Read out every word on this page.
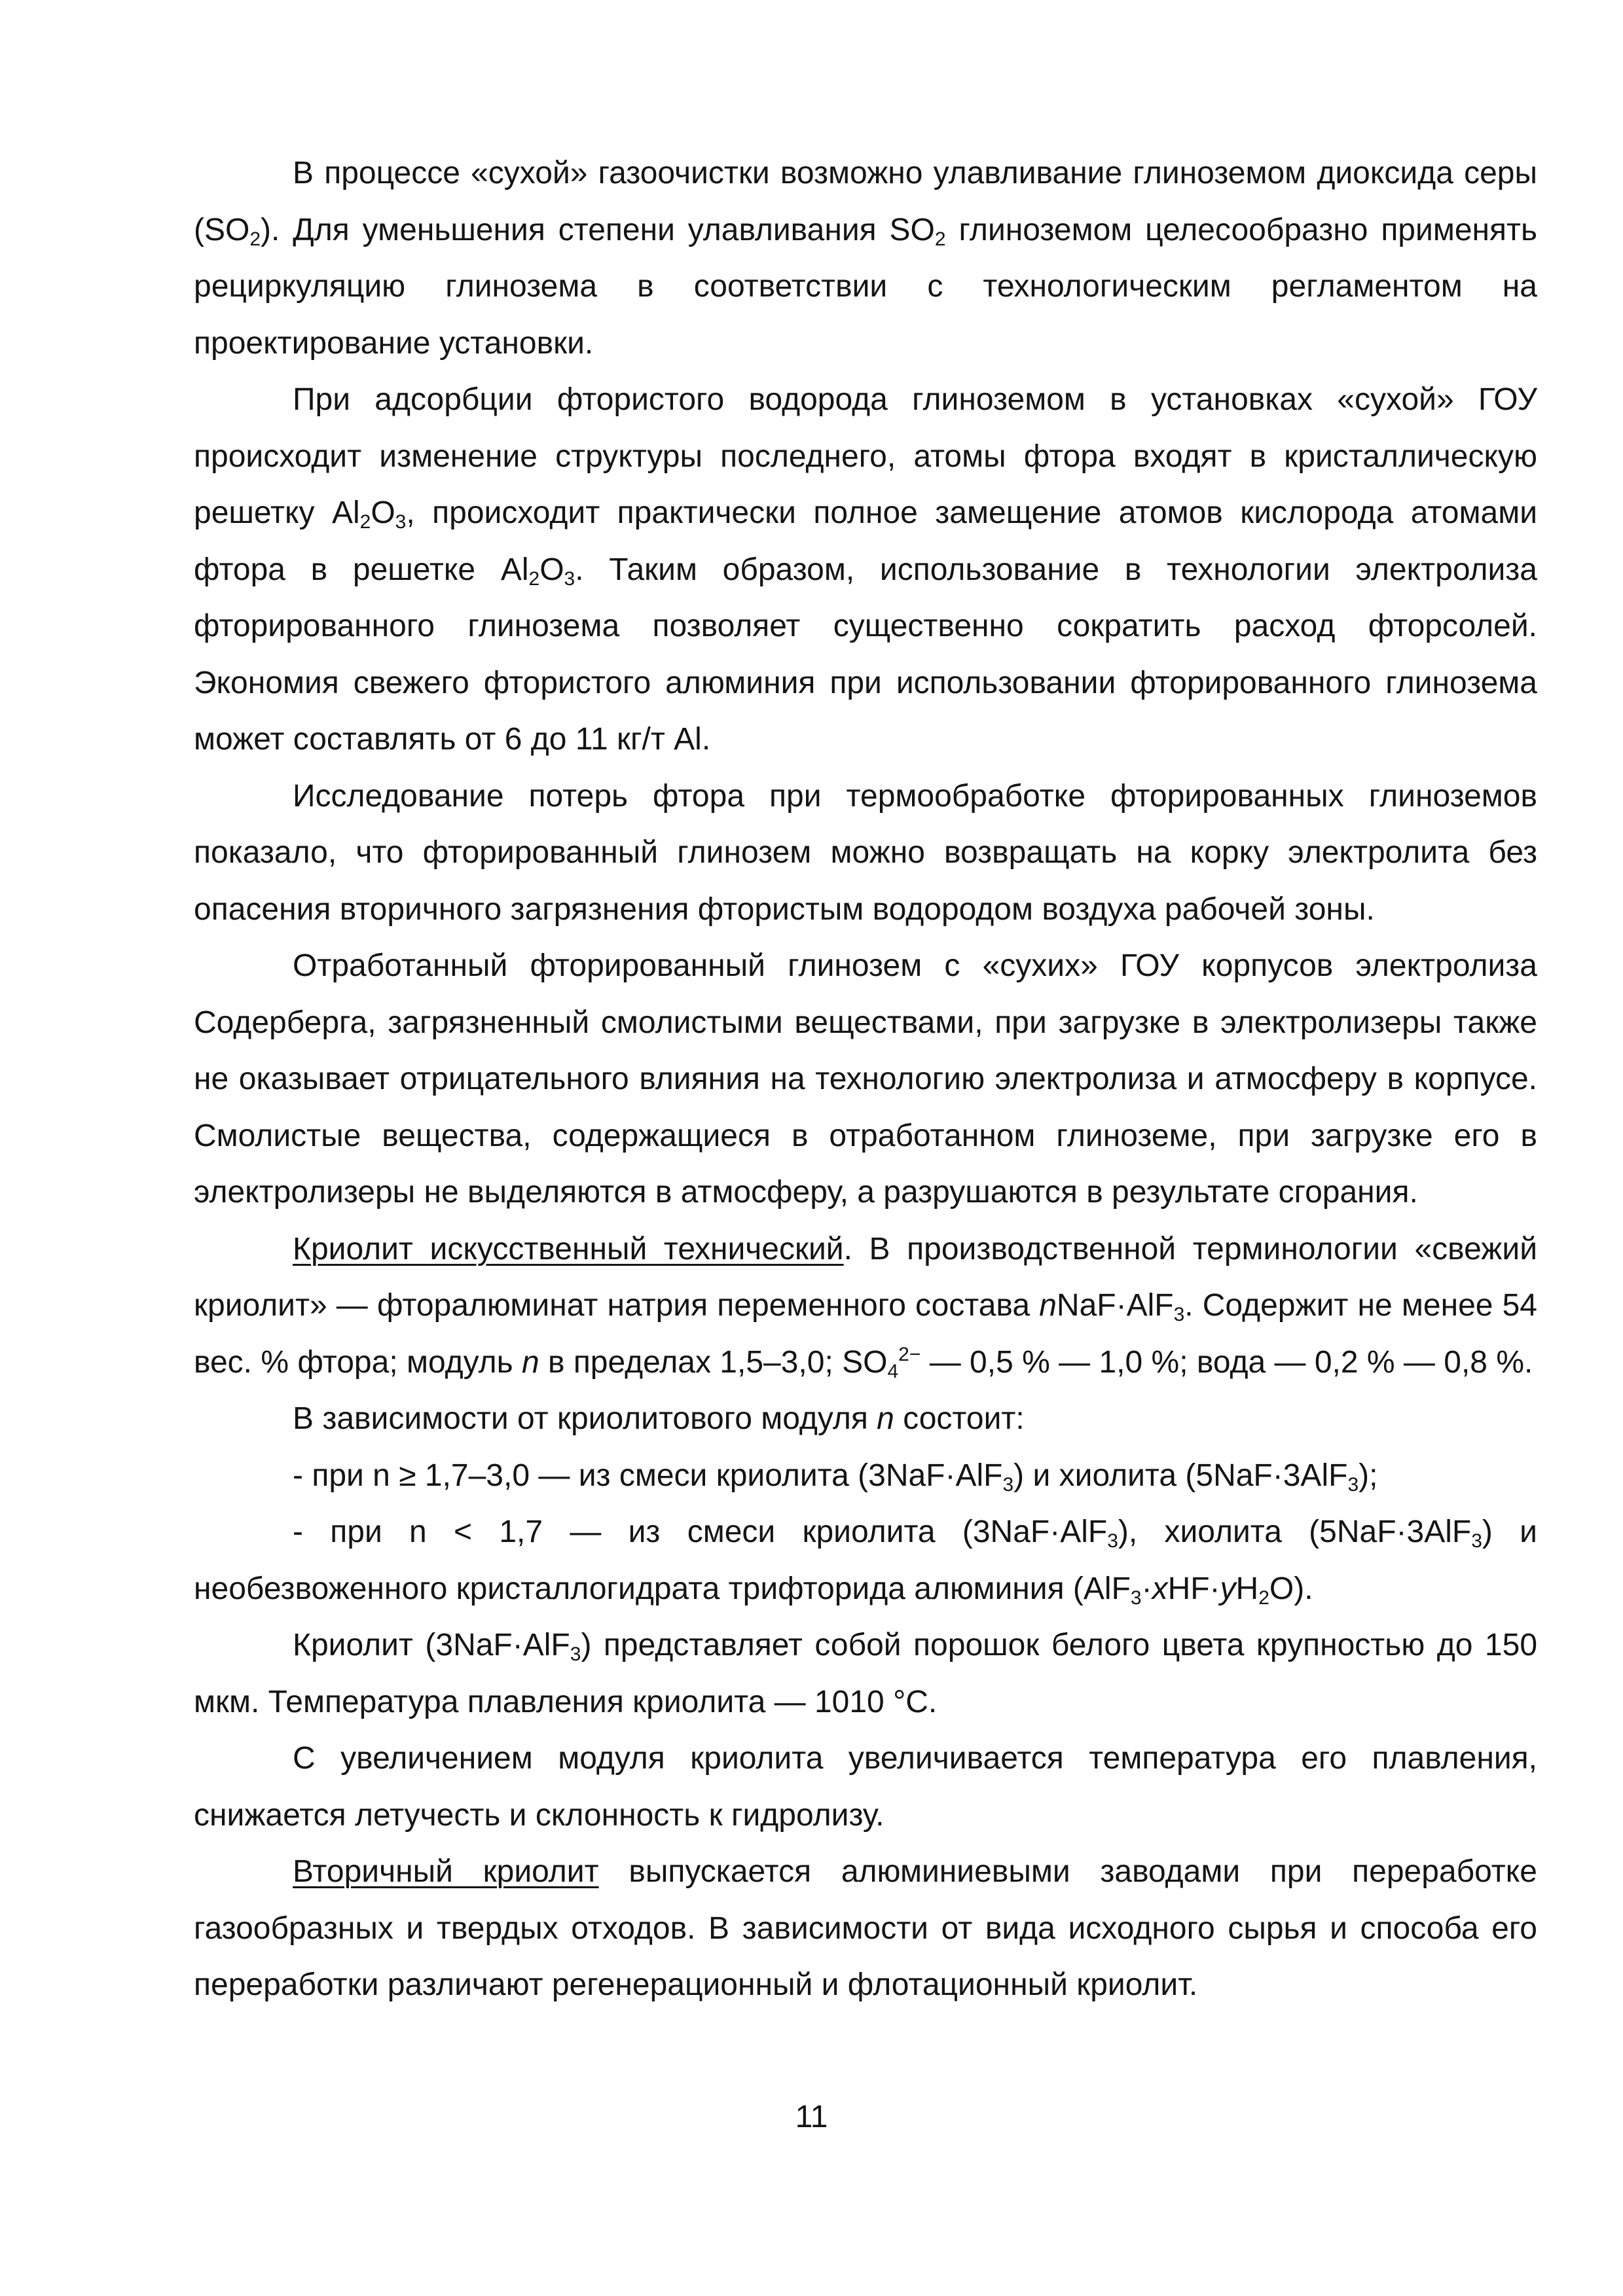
В процессе «сухой» газоочистки возможно улавливание глиноземом диоксида серы $(SO_2)$. Для уменьшения степени улавливания $SO_2$ глиноземом целесообразно применять рециркуляцию глинозема в соответствии с технологическим регламентом на проектирование установки.

При адсорбции фтористого водорода глиноземом в установках «сухой» ГОУ происходит изменение структуры последнего, атомы фтора входят в кристаллическую решетку $Al_2O_3$, происходит практически полное замещение атомов кислорода атомами фтора в решетке $Al_2O_3$. Таким образом, использование в технологии электролиза фторированного глинозема позволяет существенно сократить расход фторсолей. Экономия свежего фтористого алюминия при использовании фторированного глинозема может составлять от 6 до 11 кг/т Al.

Исследование потерь фтора при термообработке фторированных глиноземов показало, что фторированный глинозем можно возвращать на корку электролита без опасения вторичного загрязнения фтористым водородом воздуха рабочей зоны.

Отработанный фторированный глинозем с «сухих» ГОУ корпусов электролиза Содерберга, загрязненный смолистыми веществами, при загрузке в электролизеры также не оказывает отрицательного влияния на технологию электролиза и атмосферу в корпусе. Смолистые вещества, содержащиеся в отработанном глиноземе, при загрузке его в электролизеры не выделяются в атмосферу, а разрушаются в результате сгорания.

Криолит искусственный технический. В производственной терминологии «свежий криолит» — фторалюминат натрия переменного состава nNaF·AlF$_3$. Содержит не менее 54 вес. % фтора; модуль n в пределах 1,5–3,0; $SO_4^{2-}$ — 0,5 % — 1,0 %; вода — 0,2 % — 0,8 %.

В зависимости от криолитового модуля n состоит:

- при n ≥ 1,7–3,0 — из смеси криолита (3NaF·AlF$_3$) и хиолита (5NaF·3AlF$_3$);

- при n < 1,7 — из смеси криолита (3NaF·AlF$_3$), хиолита (5NaF·3AlF$_3$) и необезвоженного кристаллогидрата трифторида алюминия $(AlF_3\cdot xHF\cdot yH_2O)$.

Криолит (3NaF·AlF$_3$) представляет собой порошок белого цвета крупностью до 150 мкм. Температура плавления криолита — 1010 °С.

С увеличением модуля криолита увеличивается температура его плавления, снижается летучесть и склонность к гидролизу.

Вторичный криолит выпускается алюминиевыми заводами при переработке газообразных и твердых отходов. В зависимости от вида исходного сырья и способа его переработки различают регенерационный и флотационный криолит.

11
